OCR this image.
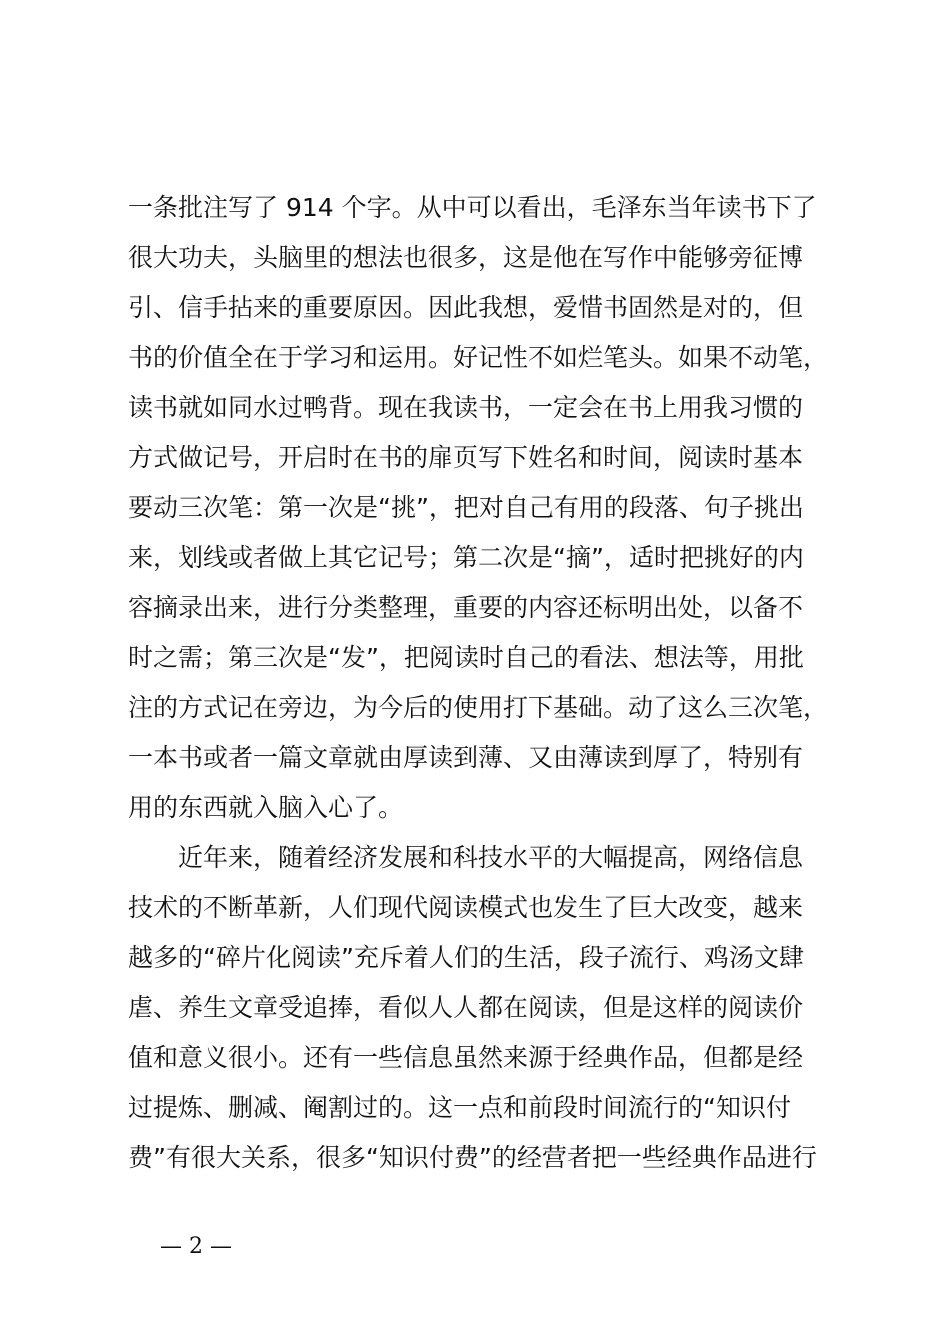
一条批注写了 914 个字。从中可以看出，毛泽东当年读书下了
很大功夫，头脑里的想法也很多，这是他在写作中能够旁征博
引、信手拈来的重要原因。因此我想，爱惜书固然是对的，但
书的价值全在于学习和运用。好记性不如烂笔头。如果不动笔，
读书就如同水过鸭背。现在我读书，一定会在书上用我习惯的
方式做记号，开启时在书的扉页写下姓名和时间，阅读时基本
要动三次笔：第一次是“挑”，把对自己有用的段落、句子挑出
来，划线或者做上其它记号；第二次是“摘”，适时把挑好的内
容摘录出来，进行分类整理，重要的内容还标明出处，以备不
时之需；第三次是“发”，把阅读时自己的看法、想法等，用批
注的方式记在旁边，为今后的使用打下基础。动了这么三次笔，
一本书或者一篇文章就由厚读到薄、又由薄读到厚了，特别有
用的东西就入脑入心了。
近年来，随着经济发展和科技水平的大幅提高，网络信息
技术的不断革新，人们现代阅读模式也发生了巨大改变，越来
越多的“碎片化阅读”充斥着人们的生活，段子流行、鸡汤文肆
虐、养生文章受追捧，看似人人都在阅读，但是这样的阅读价
值和意义很小。还有一些信息虽然来源于经典作品，但都是经
过提炼、删减、阉割过的。这一点和前段时间流行的“知识付
费”有很大关系，很多“知识付费”的经营者把一些经典作品进行
— 2 —
